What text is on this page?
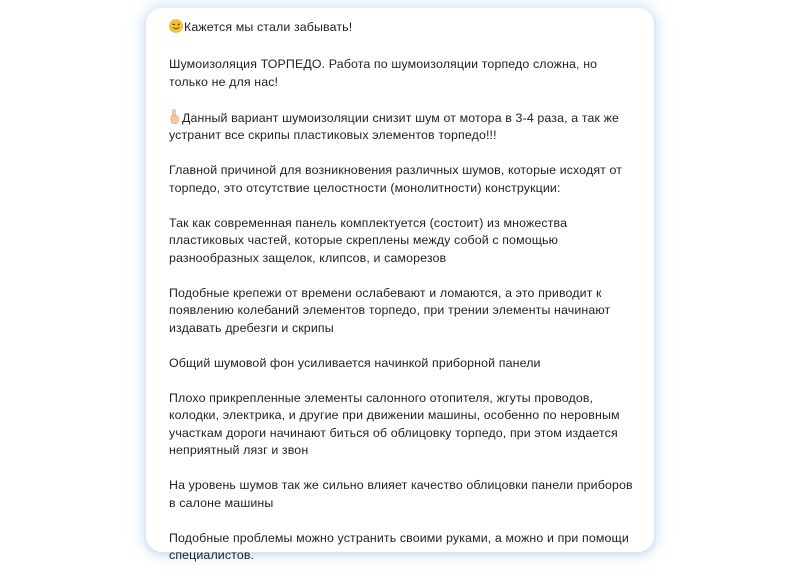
Кажется мы стали забывать!

Шумоизоляция ТОРПЕДО. Работа по шумоизоляции торпедо сложна, но только не для нас!

Данный вариант шумоизоляции снизит шум от мотора в 3-4 раза, а так же устранит все скрипы пластиковых элементов торпедо!!!

Главной причиной для возникновения различных шумов, которые исходят от торпедо, это отсутствие целостности (монолитности) конструкции:

Так как современная панель комплектуется (состоит) из множества пластиковых частей, которые скреплены между собой с помощью разнообразных защелок, клипсов, и саморезов

Подобные крепежи от времени ослабевают и ломаются, а это приводит к появлению колебаний элементов торпедо, при трении элементы начинают издавать дребезги и скрипы

Общий шумовой фон усиливается начинкой приборной панели

Плохо прикрепленные элементы салонного отопителя, жгуты проводов, колодки, электрика, и другие при движении машины, особенно по неровным участкам дороги начинают биться об облицовку торпедо, при этом издается неприятный лязг и звон

На уровень шумов так же сильно влияет качество облицовки панели приборов в салоне машины

Подобные проблемы можно устранить своими руками, а можно и при помощи специалистов.
